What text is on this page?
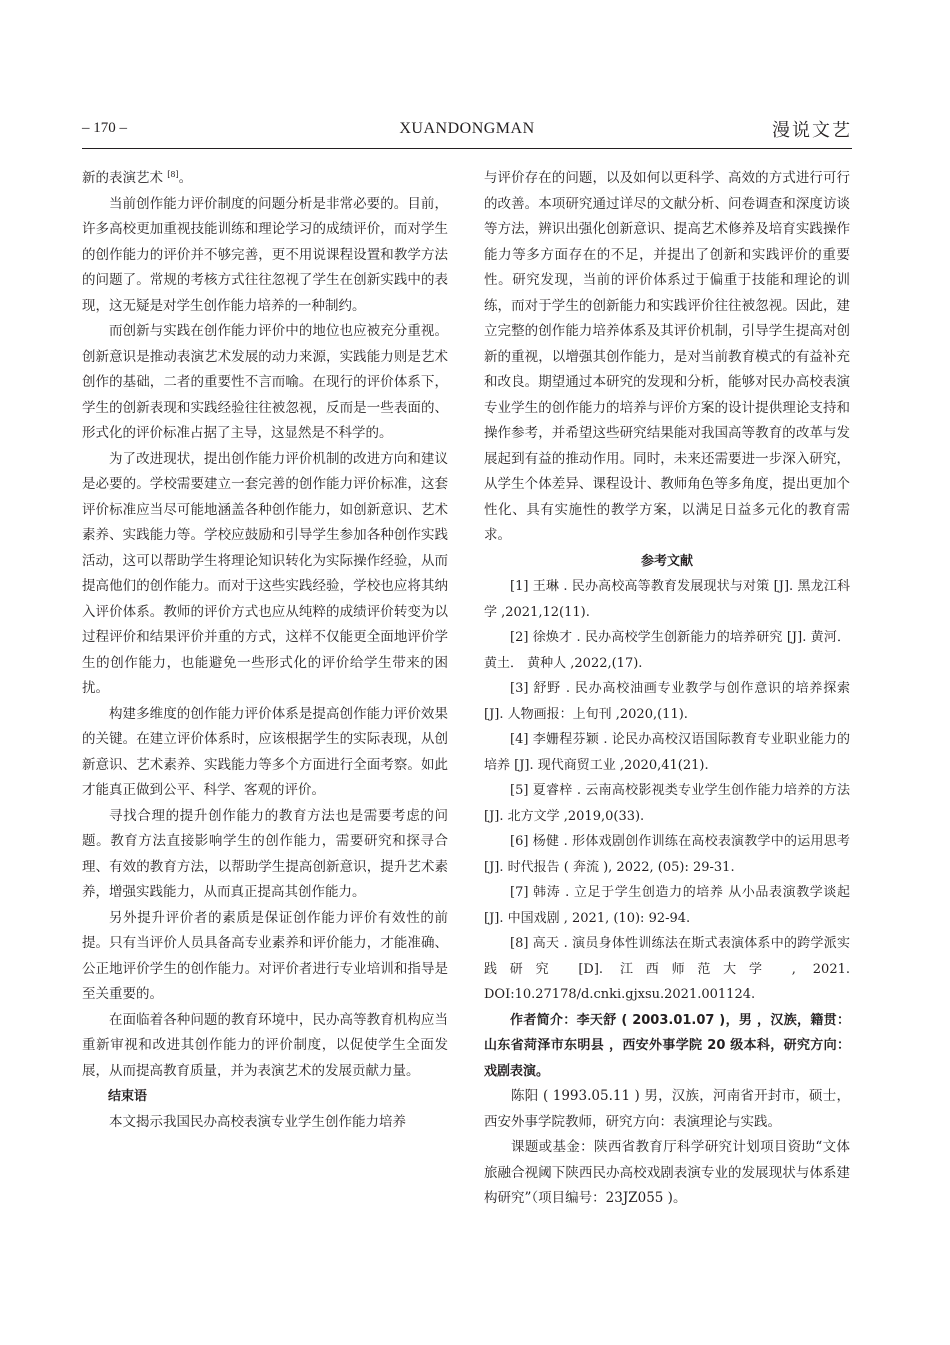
– 170 –	XUANDONGMAN	漫说文艺

新的表演艺术 [8]。

当前创作能力评价制度的问题分析是非常必要的。目前，许多高校更加重视技能训练和理论学习的成绩评价，而对学生的创作能力的评价并不够完善，更不用说课程设置和教学方法的问题了。常规的考核方式往往忽视了学生在创新实践中的表现，这无疑是对学生创作能力培养的一种制约。

而创新与实践在创作能力评价中的地位也应被充分重视。创新意识是推动表演艺术发展的动力来源，实践能力则是艺术创作的基础，二者的重要性不言而喻。在现行的评价体系下，学生的创新表现和实践经验往往被忽视，反而是一些表面的、形式化的评价标准占据了主导，这显然是不科学的。

为了改进现状，提出创作能力评价机制的改进方向和建议是必要的。学校需要建立一套完善的创作能力评价标准，这套评价标准应当尽可能地涵盖各种创作能力，如创新意识、艺术素养、实践能力等。学校应鼓励和引导学生参加各种创作实践活动，这可以帮助学生将理论知识转化为实际操作经验，从而提高他们的创作能力。而对于这些实践经验，学校也应将其纳入评价体系。教师的评价方式也应从纯粹的成绩评价转变为以过程评价和结果评价并重的方式，这样不仅能更全面地评价学生的创作能力，也能避免一些形式化的评价给学生带来的困扰。

构建多维度的创作能力评价体系是提高创作能力评价效果的关键。在建立评价体系时，应该根据学生的实际表现，从创新意识、艺术素养、实践能力等多个方面进行全面考察。如此才能真正做到公平、科学、客观的评价。

寻找合理的提升创作能力的教育方法也是需要考虑的问题。教育方法直接影响学生的创作能力，需要研究和探寻合理、有效的教育方法，以帮助学生提高创新意识，提升艺术素养，增强实践能力，从而真正提高其创作能力。

另外提升评价者的素质是保证创作能力评价有效性的前提。只有当评价人员具备高专业素养和评价能力，才能准确、公正地评价学生的创作能力。对评价者进行专业培训和指导是至关重要的。

在面临着各种问题的教育环境中，民办高等教育机构应当重新审视和改进其创作能力的评价制度，以促使学生全面发展，从而提高教育质量，并为表演艺术的发展贡献力量。

结束语

本文揭示我国民办高校表演专业学生创作能力培养

与评价存在的问题，以及如何以更科学、高效的方式进行可行的改善。本项研究通过详尽的文献分析、问卷调查和深度访谈等方法，辨识出强化创新意识、提高艺术修养及培育实践操作能力等多方面存在的不足，并提出了创新和实践评价的重要性。研究发现，当前的评价体系过于偏重于技能和理论的训练，而对于学生的创新能力和实践评价往往被忽视。因此，建立完整的创作能力培养体系及其评价机制，引导学生提高对创新的重视，以增强其创作能力，是对当前教育模式的有益补充和改良。期望通过本研究的发现和分析，能够对民办高校表演专业学生的创作能力的培养与评价方案的设计提供理论支持和操作参考，并希望这些研究结果能对我国高等教育的改革与发展起到有益的推动作用。同时，未来还需要进一步深入研究，从学生个体差异、课程设计、教师角色等多角度，提出更加个性化、具有实施性的教学方案，以满足日益多元化的教育需求。

参考文献

[1] 王琳 . 民办高校高等教育发展现状与对策 [J]. 黑龙江科学 ,2021,12(11).

[2] 徐焕才 . 民办高校学生创新能力的培养研究 [J]. 黄河． 黄土． 黄种人 ,2022,(17).

[3] 舒野 . 民办高校油画专业教学与创作意识的培养探索 [J]. 人物画报：上旬刊 ,2020,(11).

[4] 李姗程芬颖 . 论民办高校汉语国际教育专业职业能力的培养 [J]. 现代商贸工业 ,2020,41(21).

[5] 夏睿梓 . 云南高校影视类专业学生创作能力培养的方法 [J]. 北方文学 ,2019,0(33).

[6] 杨健 . 形体戏剧创作训练在高校表演教学中的运用思考 [J]. 时代报告 ( 奔流 ), 2022, (05): 29-31.

[7] 韩涛 . 立足于学生创造力的培养 从小品表演教学谈起 [J]. 中国戏剧 , 2021, (10): 92-94.

[8] 高天 . 演员身体性训练法在斯式表演体系中的跨学派实践研究 [D]. 江西师范大学 , 2021. DOI:10.27178/d.cnki.gjxsu.2021.001124.

作者简介：李天舒 ( 2003.01.07 )，男 ，汉族，籍贯：山东省菏泽市东明县 ，西安外事学院 20 级本科，研究方向：戏剧表演。

陈阳 ( 1993.05.11 ) 男，汉族，河南省开封市，硕士，西安外事学院教师，研究方向：表演理论与实践。

课题或基金：陕西省教育厅科学研究计划项目资助“文体旅融合视阈下陕西民办高校戏剧表演专业的发展现状与体系建构研究”（项目编号：23JZ055 )。
